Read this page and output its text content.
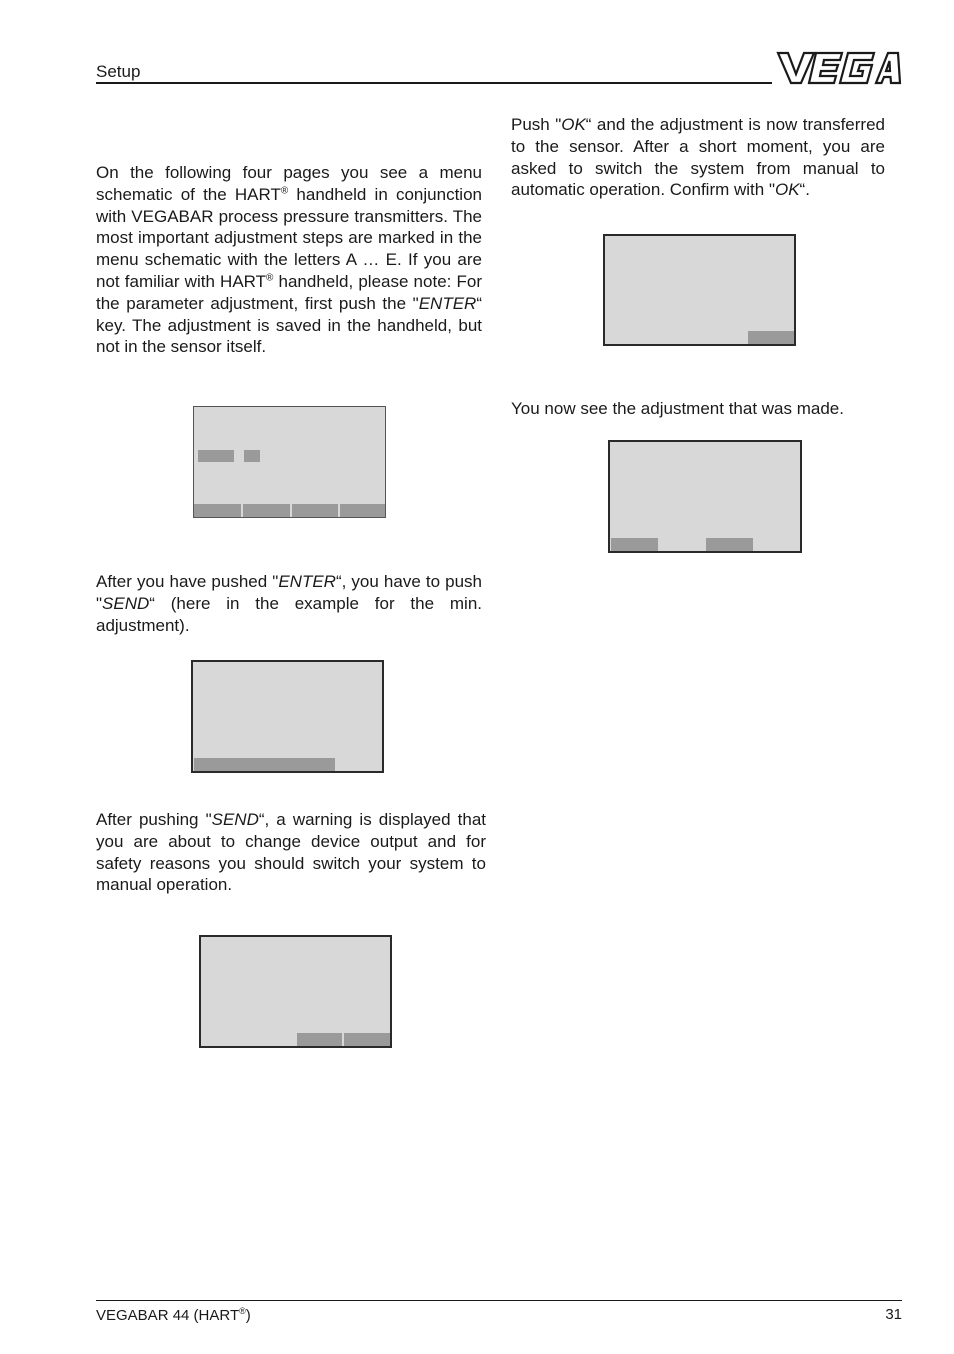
Setup

On the following four pages you see a menu schematic of the HART® handheld in conjunction with VEGABAR process pressure transmitters. The most important adjustment steps are marked in the menu schematic with the letters A … E. If you are not familiar with HART® handheld, please note: For the parameter adjustment, first push the "ENTER“ key. The adjustment is saved in the handheld, but not in the sensor itself.

After you have pushed "ENTER“, you have to push "SEND“ (here in the example for the min. adjustment).

After pushing "SEND“, a warning is displayed that you are about to change device output and for safety reasons you should switch your system to manual operation.

Push "OK“ and the adjustment is now transferred to the sensor. After a short moment, you are asked to switch the system from manual to automatic operation. Confirm with "OK“.

You now see the adjustment that was made.

VEGABAR 44 (HART®)	31
